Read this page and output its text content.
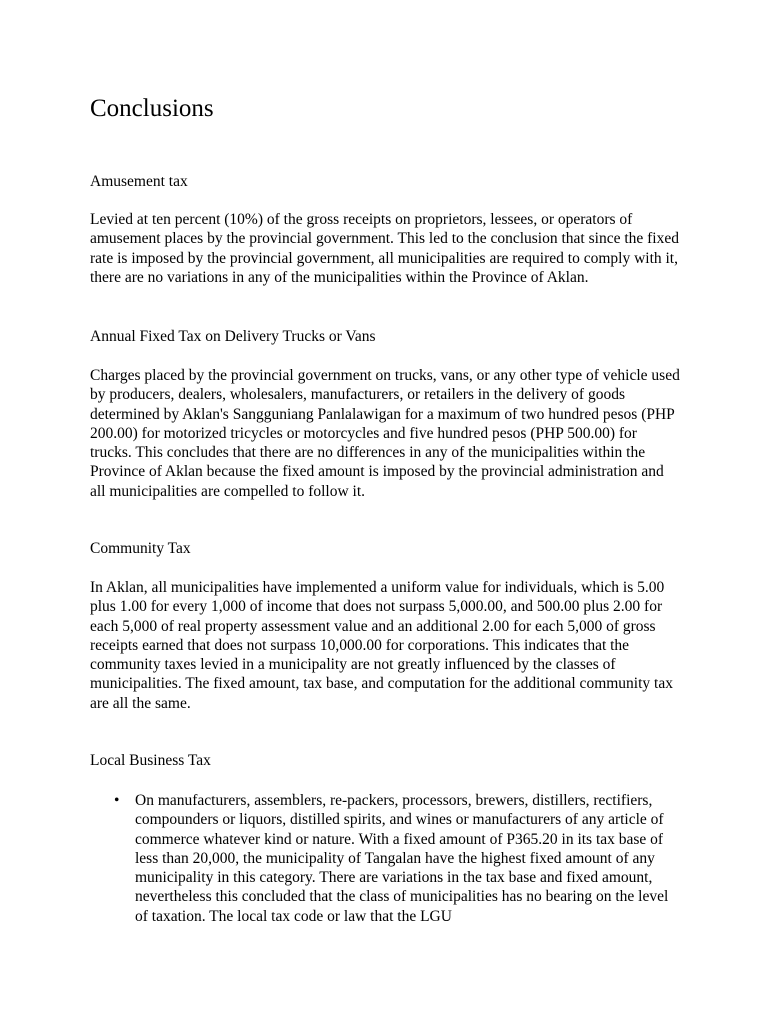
Conclusions
Amusement tax

Levied at ten percent (10%) of the gross receipts on proprietors, lessees, or operators of amusement places by the provincial government. This led to the conclusion that since the fixed rate is imposed by the provincial government, all municipalities are required to comply with it, there are no variations in any of the municipalities within the Province of Aklan.

Annual Fixed Tax on Delivery Trucks or Vans

Charges placed by the provincial government on trucks, vans, or any other type of vehicle used by producers, dealers, wholesalers, manufacturers, or retailers in the delivery of goods determined by Aklan's Sangguniang Panlalawigan for a maximum of two hundred pesos (PHP 200.00) for motorized tricycles or motorcycles and five hundred pesos (PHP 500.00) for trucks. This concludes that there are no differences in any of the municipalities within the Province of Aklan because the fixed amount is imposed by the provincial administration and all municipalities are compelled to follow it.

Community Tax

In Aklan, all municipalities have implemented a uniform value for individuals, which is 5.00 plus 1.00 for every 1,000 of income that does not surpass 5,000.00, and 500.00 plus 2.00 for each 5,000 of real property assessment value and an additional 2.00 for each 5,000 of gross receipts earned that does not surpass 10,000.00 for corporations. This indicates that the community taxes levied in a municipality are not greatly influenced by the classes of municipalities. The fixed amount, tax base, and computation for the additional community tax are all the same.

Local Business Tax
• On manufacturers, assemblers, re-packers, processors, brewers, distillers, rectifiers, compounders or liquors, distilled spirits, and wines or manufacturers of any article of commerce whatever kind or nature. With a fixed amount of P365.20 in its tax base of less than 20,000, the municipality of Tangalan have the highest fixed amount of any municipality in this category. There are variations in the tax base and fixed amount, nevertheless this concluded that the class of municipalities has no bearing on the level of taxation. The local tax code or law that the LGU
